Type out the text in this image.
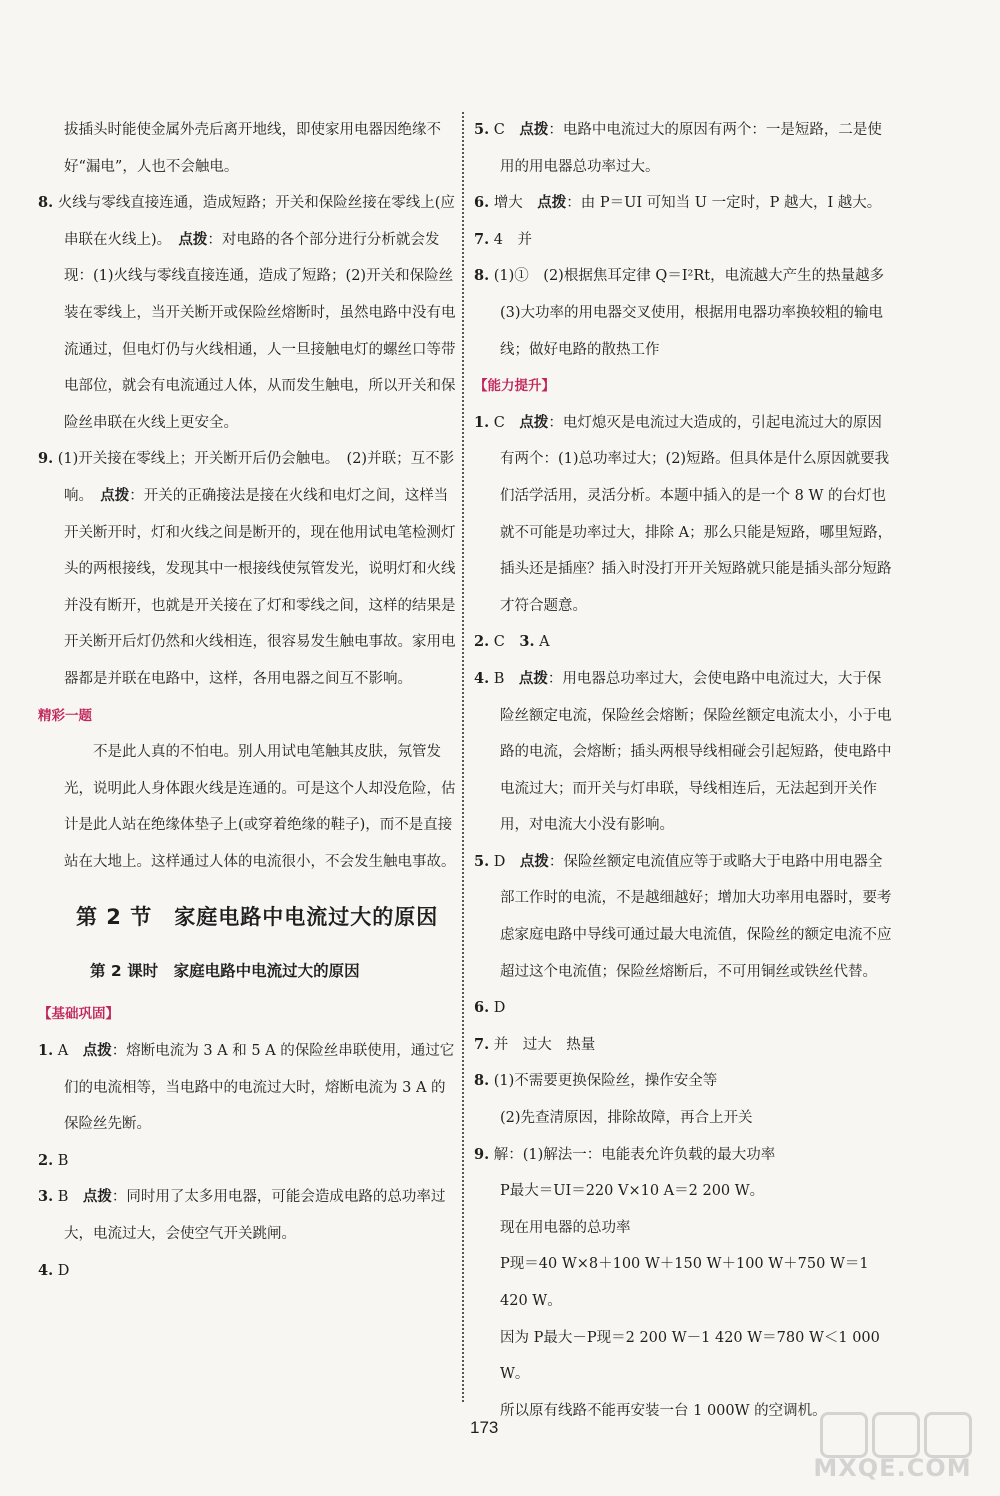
拔插头时能使金属外壳后离开地线，即使家用电器因绝缘不好“漏电”，人也不会触电。

8. 火线与零线直接连通，造成短路；开关和保险丝接在零线上(应串联在火线上)。　 点拨：对电路的各个部分进行分析就会发现：(1)火线与零线直接连通，造成了短路；(2)开关和保险丝装在零线上，当开关断开或保险丝熔断时，虽然电路中没有电流通过，但电灯仍与火线相通，人一旦接触电灯的螺丝口等带电部位，就会有电流通过人体，从而发生触电，所以开关和保险丝串联在火线上更安全。

9. (1)开关接在零线上；开关断开后仍会触电。　(2)并联；互不影响。　 点拨：开关的正确接法是接在火线和电灯之间，这样当开关断开时，灯和火线之间是断开的，现在他用试电笔检测灯头的两根接线，发现其中一根接线使氖管发光，说明灯和火线并没有断开，也就是开关接在了灯和零线之间，这样的结果是开关断开后灯仍然和火线相连，很容易发生触电事故。家用电器都是并联在电路中，这样，各用电器之间互不影响。

精彩一题

不是此人真的不怕电。别人用试电笔触其皮肤，氖管发光，说明此人身体跟火线是连通的。可是这个人却没危险，估计是此人站在绝缘体垫子上(或穿着绝缘的鞋子)，而不是直接站在大地上。这样通过人体的电流很小，不会发生触电事故。

第 2 节　家庭电路中电流过大的原因
第 2 课时　家庭电路中电流过大的原因

【基础巩固】

1. A　点拨：熔断电流为 3 A 和 5 A 的保险丝串联使用，通过它们的电流相等，当电路中的电流过大时，熔断电流为 3 A 的保险丝先断。

2. B

3. B　点拨：同时用了太多用电器，可能会造成电路的总功率过大，电流过大，会使空气开关跳闸。

4. D

5. C　点拨：电路中电流过大的原因有两个：一是短路，二是使用的用电器总功率过大。

6. 增大　点拨：由 P＝UI 可知当 U 一定时，P 越大，I 越大。

7. 4　并

8. (1)①　(2)根据焦耳定律 Q＝I²Rt，电流越大产生的热量越多　(3)大功率的用电器交叉使用，根据用电器功率换较粗的输电线；做好电路的散热工作

【能力提升】

1. C　点拨：电灯熄灭是电流过大造成的，引起电流过大的原因有两个：(1)总功率过大；(2)短路。但具体是什么原因就要我们活学活用，灵活分析。本题中插入的是一个 8 W 的台灯也就不可能是功率过大，排除 A；那么只能是短路，哪里短路，插头还是插座？插入时没打开开关短路就只能是插头部分短路才符合题意。

2. C　3. A

4. B　点拨：用电器总功率过大，会使电路中电流过大，大于保险丝额定电流，保险丝会熔断；保险丝额定电流太小，小于电路的电流，会熔断；插头两根导线相碰会引起短路，使电路中电流过大；而开关与灯串联，导线相连后，无法起到开关作用，对电流大小没有影响。

5. D　点拨：保险丝额定电流值应等于或略大于电路中用电器全部工作时的电流，不是越细越好；增加大功率用电器时，要考虑家庭电路中导线可通过最大电流值，保险丝的额定电流不应超过这个电流值；保险丝熔断后，不可用铜丝或铁丝代替。

6. D

7. 并　过大　热量

8. (1)不需要更换保险丝，操作安全等

(2)先查清原因，排除故障，再合上开关

9. 解：(1)解法一：电能表允许负载的最大功率

P最大＝UI＝220 V×10 A＝2 200 W。

现在用电器的总功率

P现＝40 W×8＋100 W＋150 W＋100 W＋750 W＝1 420 W。

因为 P最大－P现＝2 200 W－1 420 W＝780 W＜1 000 W。

所以原有线路不能再安装一台 1 000W 的空调机。

173
MXQE.COM
